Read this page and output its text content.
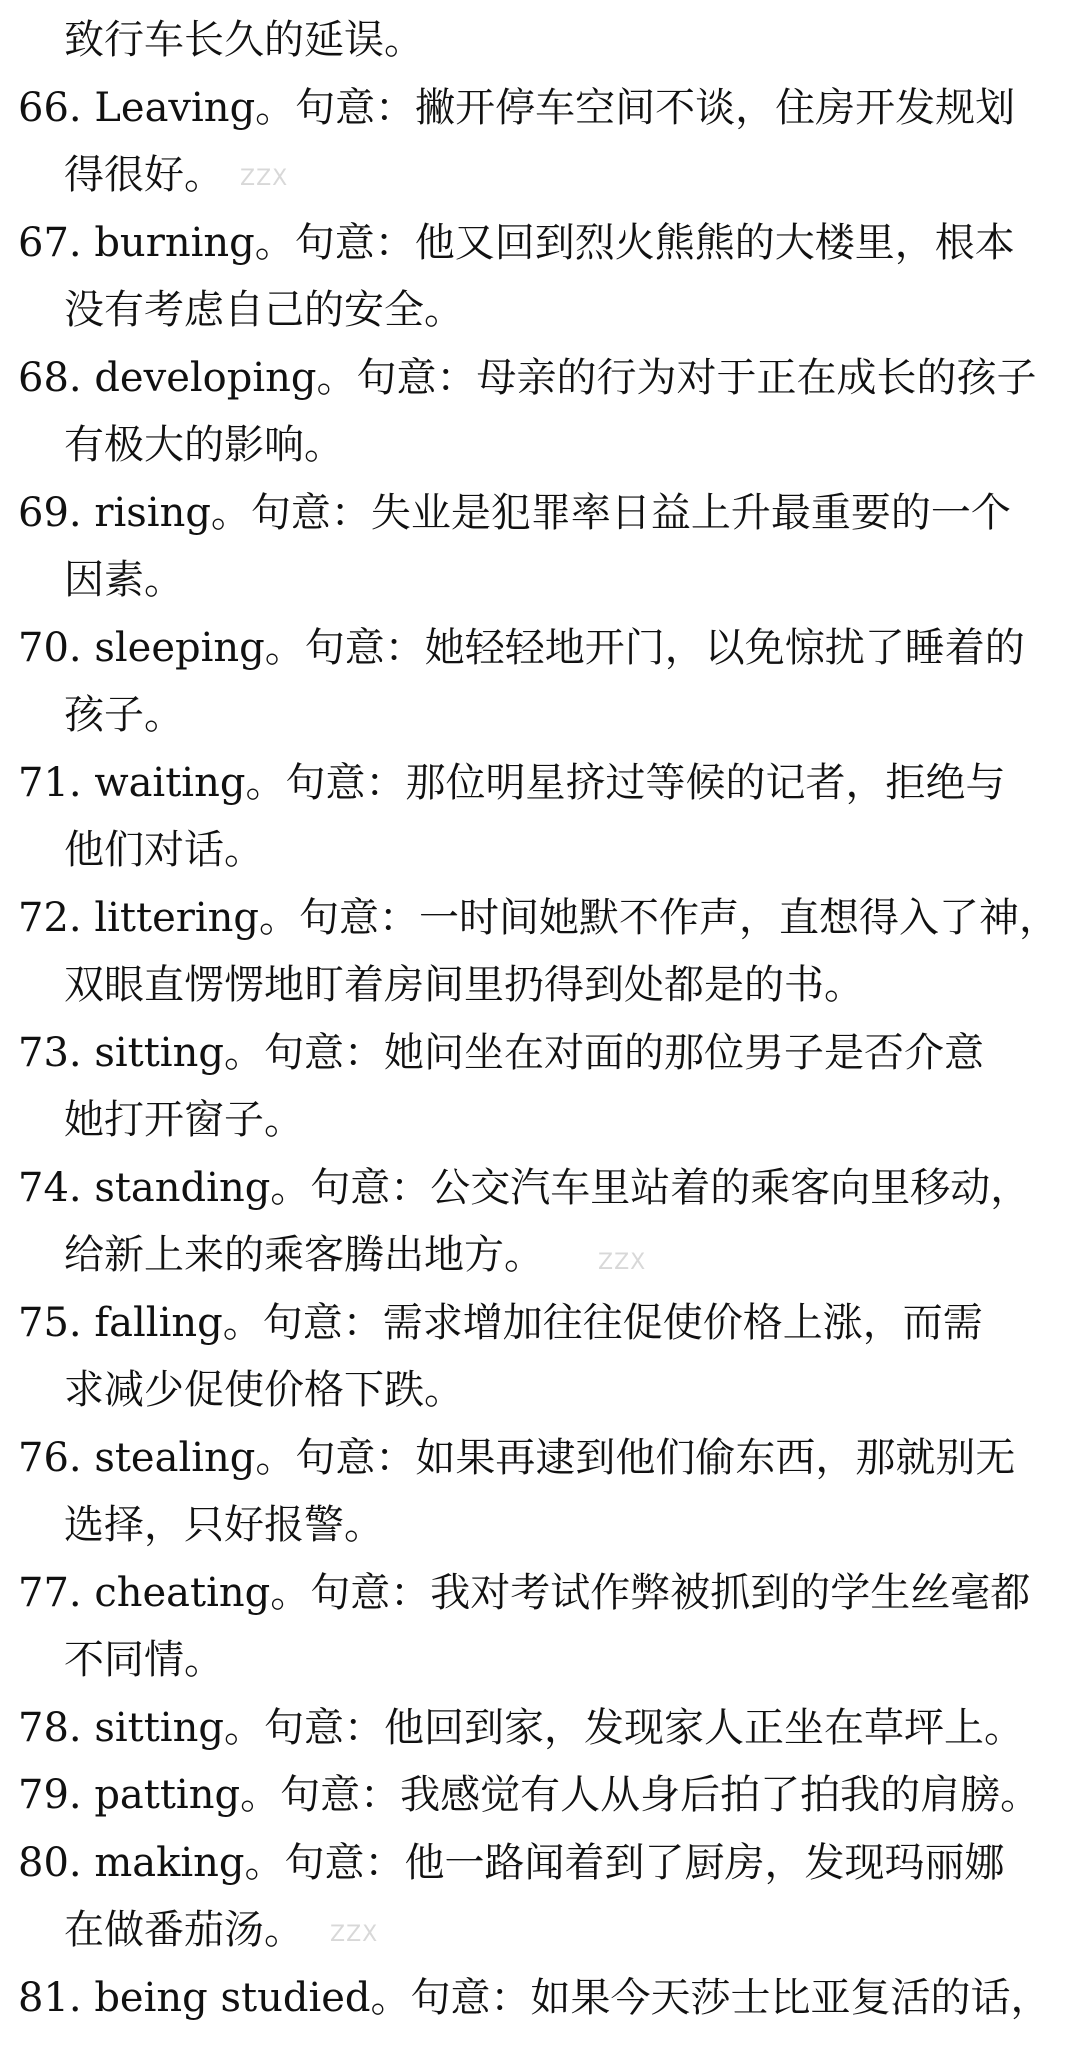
致行车长久的延误。
66. Leaving。句意：撇开停车空间不谈，住房开发规划
得很好。
67. burning。句意：他又回到烈火熊熊的大楼里，根本
没有考虑自己的安全。
68. developing。句意：母亲的行为对于正在成长的孩子
有极大的影响。
69. rising。句意：失业是犯罪率日益上升最重要的一个
因素。
70. sleeping。句意：她轻轻地开门，以免惊扰了睡着的
孩子。
71. waiting。句意：那位明星挤过等候的记者，拒绝与
他们对话。
72. littering。句意：一时间她默不作声，直想得入了神，
双眼直愣愣地盯着房间里扔得到处都是的书。
73. sitting。句意：她问坐在对面的那位男子是否介意
她打开窗子。
74. standing。句意：公交汽车里站着的乘客向里移动，
给新上来的乘客腾出地方。
75. falling。句意：需求增加往往促使价格上涨，而需
求减少促使价格下跌。
76. stealing。句意：如果再逮到他们偷东西，那就别无
选择，只好报警。
77. cheating。句意：我对考试作弊被抓到的学生丝毫都
不同情。
78. sitting。句意：他回到家，发现家人正坐在草坪上。
79. patting。句意：我感觉有人从身后拍了拍我的肩膀。
80. making。句意：他一路闻着到了厨房，发现玛丽娜
在做番茄汤。
81. being studied。句意：如果今天莎士比亚复活的话，
ZZX
ZZX
ZZX
